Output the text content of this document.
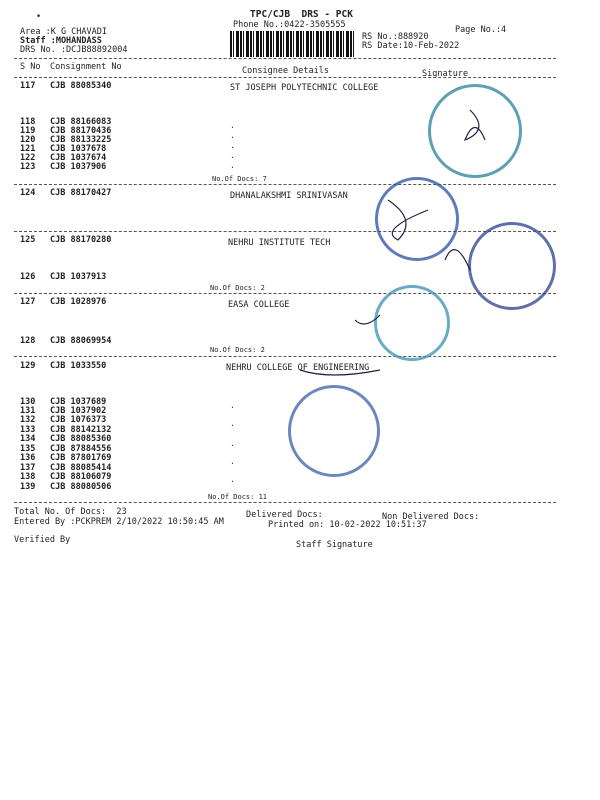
TPC/CJB  DRS - PCK
Phone No.:0422-3505555	Page No.:4
•
Area :K G CHAVADI
Staff :MOHANDASS
DRS No. :DCJB88892004
RS No.:888920
RS Date:10-Feb-2022
S No Consignment No	Consignee Details	Signature
117 CJB 88085340	ST JOSEPH POLYTECHNIC COLLEGE
118 CJB 88166083
119 CJB 88170436
120 CJB 88133225
121 CJB 1037678
122 CJB 1037674
123 CJB 1037906
.
.
.
.
.
No.Of Docs: 7
124 CJB 88170427	DHANALAKSHMI SRINIVASAN
125 CJB 88170280	NEHRU INSTITUTE TECH
126 CJB 1037913
No.Of Docs: 2
127 CJB 1028976	EASA COLLEGE
128 CJB 88069954
No.Of Docs: 2
129 CJB 1033550	NEHRU COLLEGE OF ENGINEERING
130 CJB 1037689
131 CJB 1037902
132 CJB 1076373
133 CJB 88142132
134 CJB 88085360
135 CJB 87884556
136 CJB 87801769
137 CJB 88085414
138 CJB 88106079
139 CJB 88080506
.
.
.
.
.
No.Of Docs: 11
Total No. Of Docs:  23	Delivered Docs:	Non Delivered Docs:
Entered By :PCKPREM 2/10/2022 10:50:45 AM	Printed on: 10-02-2022 10:51:37
Verified By	Staff Signature
